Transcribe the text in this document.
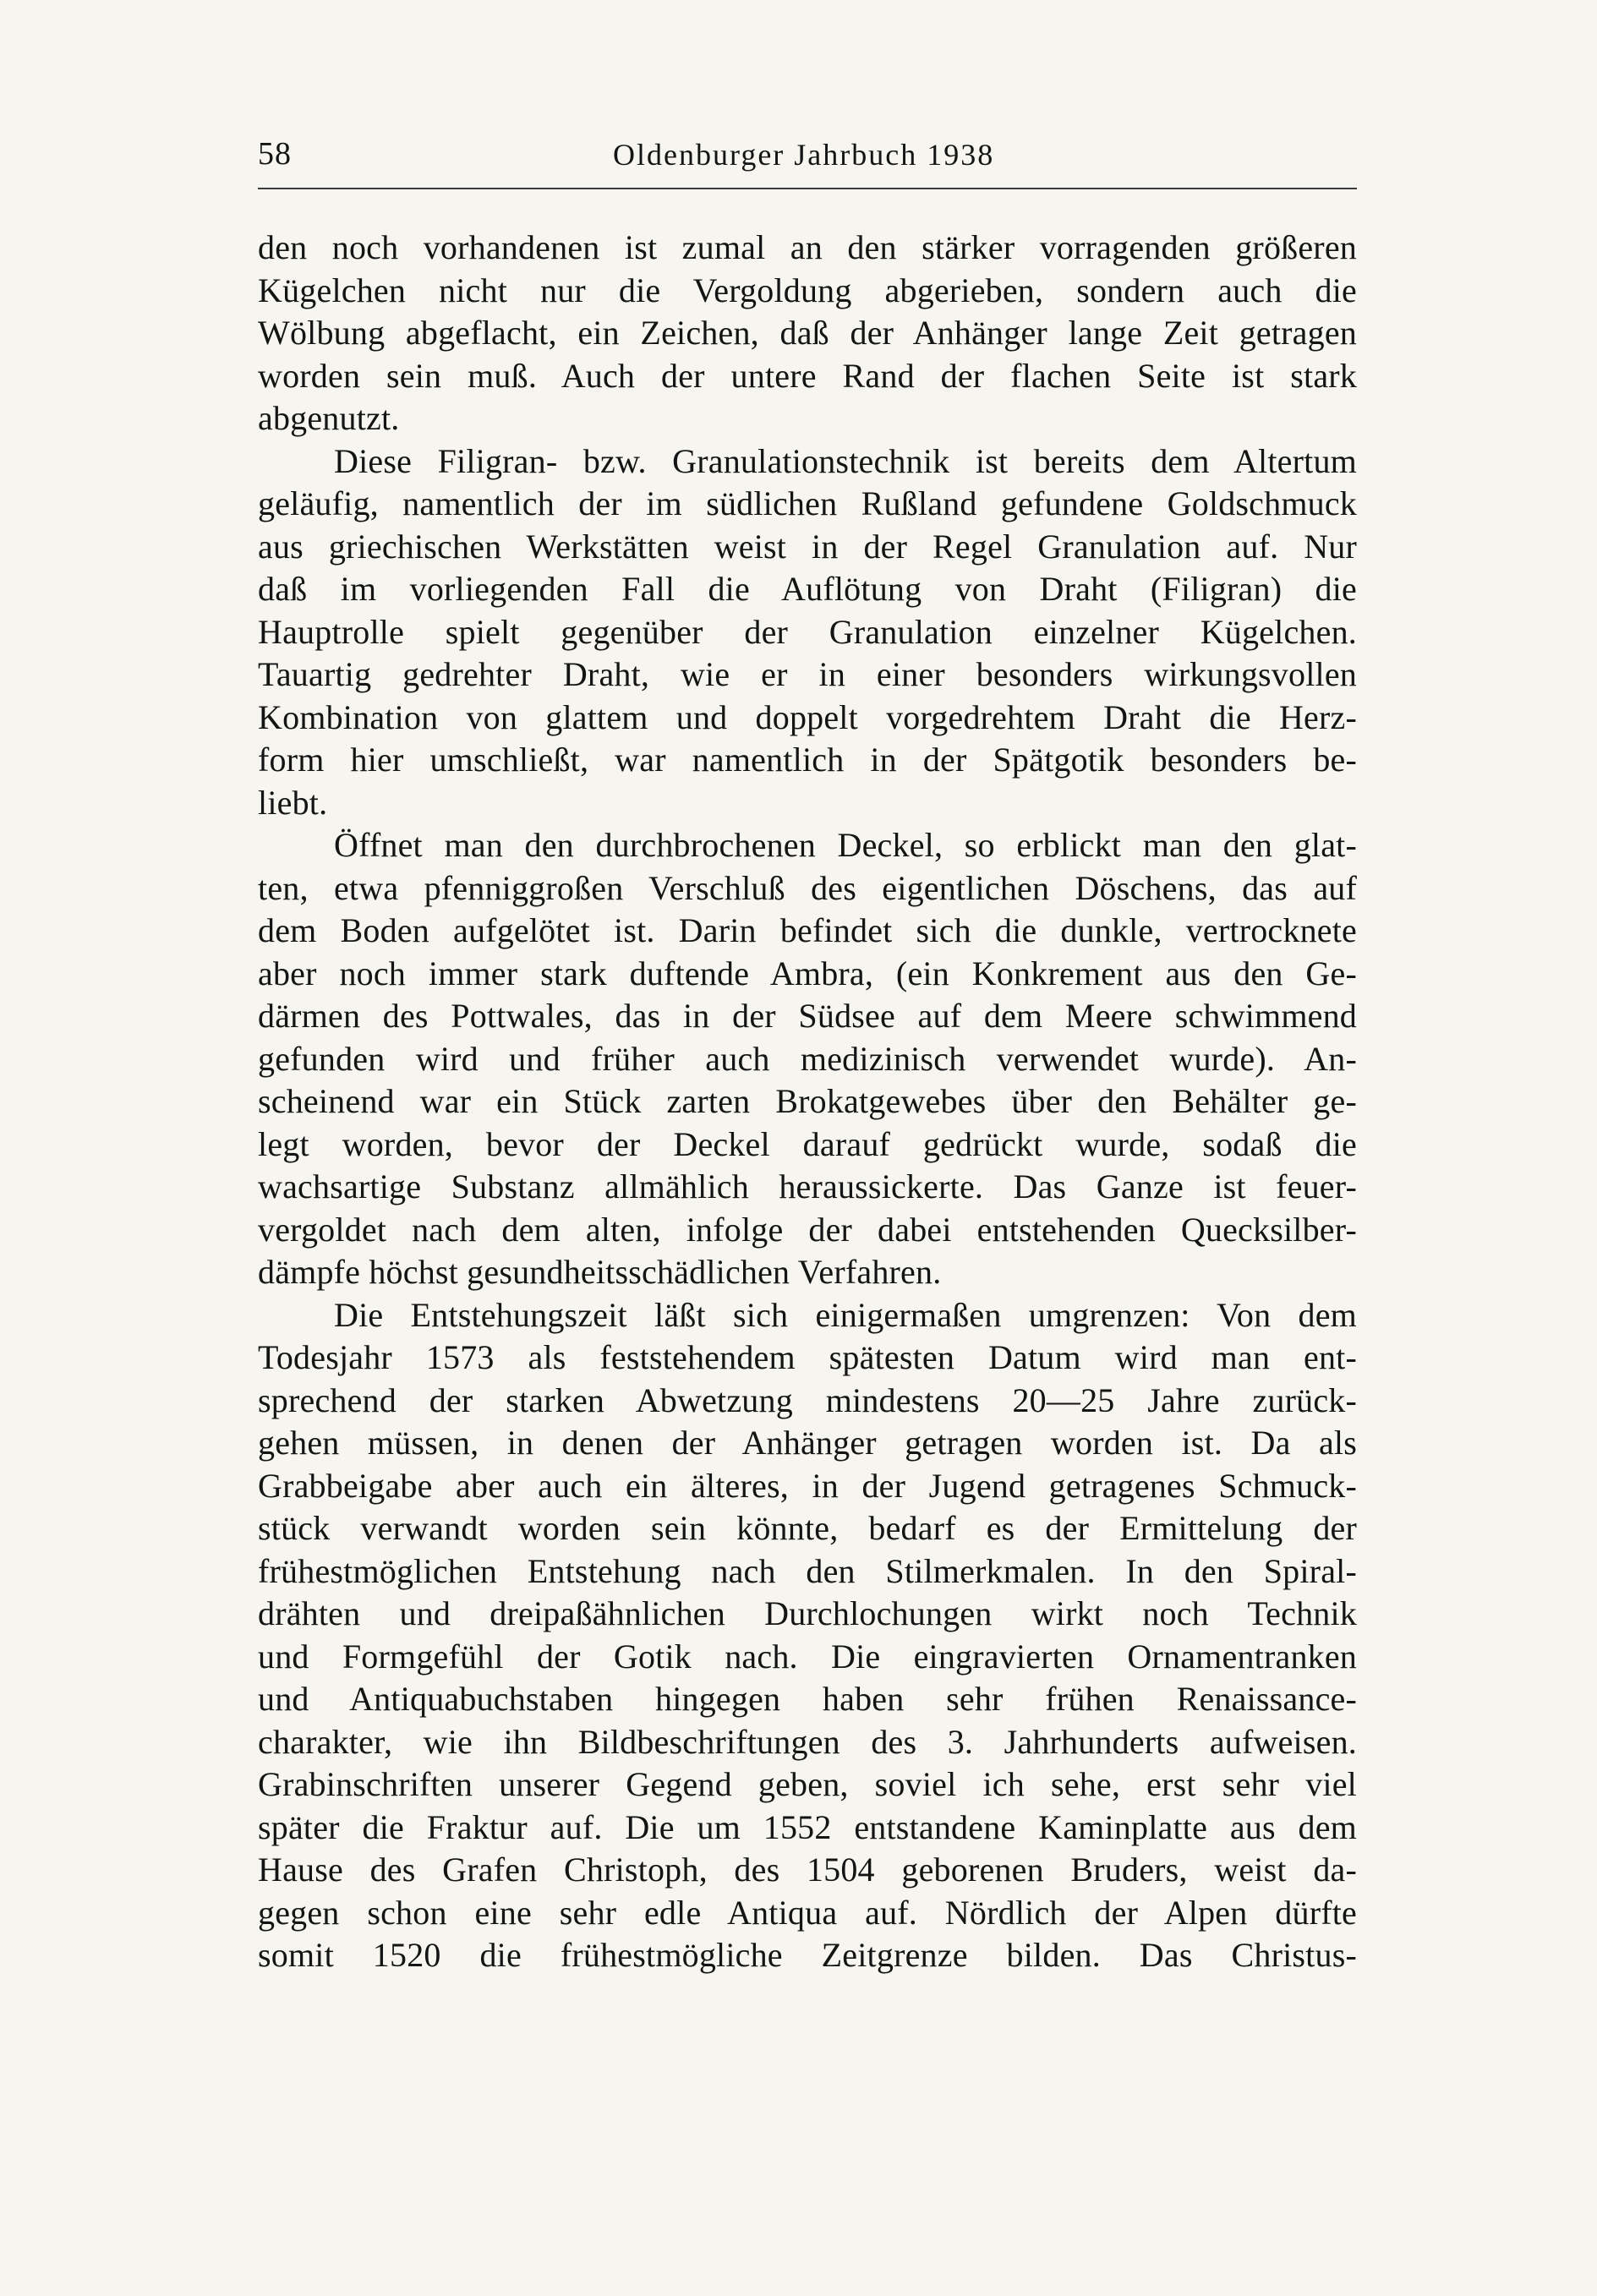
58	Oldenburger Jahrbuch 1938
den noch vorhandenen ist zumal an den stärker vorragenden größeren
Kügelchen nicht nur die Vergoldung abgerieben, sondern auch die
Wölbung abgeflacht, ein Zeichen, daß der Anhänger lange Zeit getragen
worden sein muß. Auch der untere Rand der flachen Seite ist stark
abgenutzt.
Diese Filigran- bzw. Granulationstechnik ist bereits dem Altertum
geläufig, namentlich der im südlichen Rußland gefundene Goldschmuck
aus griechischen Werkstätten weist in der Regel Granulation auf. Nur
daß im vorliegenden Fall die Auflötung von Draht (Filigran) die
Hauptrolle spielt gegenüber der Granulation einzelner Kügelchen.
Tauartig gedrehter Draht, wie er in einer besonders wirkungsvollen
Kombination von glattem und doppelt vorgedrehtem Draht die Herz-
form hier umschließt, war namentlich in der Spätgotik besonders be-
liebt.
Öffnet man den durchbrochenen Deckel, so erblickt man den glat-
ten, etwa pfenniggroßen Verschluß des eigentlichen Döschens, das auf
dem Boden aufgelötet ist. Darin befindet sich die dunkle, vertrocknete
aber noch immer stark duftende Ambra, (ein Konkrement aus den Ge-
därmen des Pottwales, das in der Südsee auf dem Meere schwimmend
gefunden wird und früher auch medizinisch verwendet wurde). An-
scheinend war ein Stück zarten Brokatgewebes über den Behälter ge-
legt worden, bevor der Deckel darauf gedrückt wurde, sodaß die
wachsartige Substanz allmählich heraussickerte. Das Ganze ist feuer-
vergoldet nach dem alten, infolge der dabei entstehenden Quecksilber-
dämpfe höchst gesundheitsschädlichen Verfahren.
Die Entstehungszeit läßt sich einigermaßen umgrenzen: Von dem
Todesjahr 1573 als feststehendem spätesten Datum wird man ent-
sprechend der starken Abwetzung mindestens 20—25 Jahre zurück-
gehen müssen, in denen der Anhänger getragen worden ist. Da als
Grabbeigabe aber auch ein älteres, in der Jugend getragenes Schmuck-
stück verwandt worden sein könnte, bedarf es der Ermittelung der
frühestmöglichen Entstehung nach den Stilmerkmalen. In den Spiral-
drähten und dreipaßähnlichen Durchlochungen wirkt noch Technik
und Formgefühl der Gotik nach. Die eingravierten Ornamentranken
und Antiquabuchstaben hingegen haben sehr frühen Renaissance-
charakter, wie ihn Bildbeschriftungen des 3. Jahrhunderts aufweisen.
Grabinschriften unserer Gegend geben, soviel ich sehe, erst sehr viel
später die Fraktur auf. Die um 1552 entstandene Kaminplatte aus dem
Hause des Grafen Christoph, des 1504 geborenen Bruders, weist da-
gegen schon eine sehr edle Antiqua auf. Nördlich der Alpen dürfte
somit 1520 die frühestmögliche Zeitgrenze bilden. Das Christus-
